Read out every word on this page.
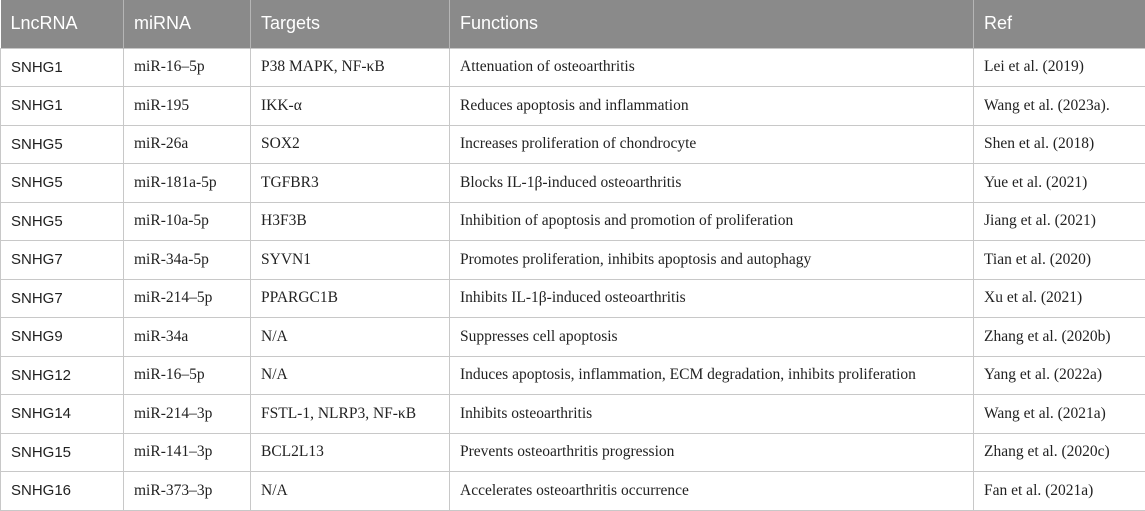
LncRNA	miRNA	Targets	Functions	Ref
SNHG1	miR-16–5p	P38 MAPK, NF-κB	Attenuation of osteoarthritis	Lei et al. (2019)
SNHG1	miR-195	IKK-α	Reduces apoptosis and inflammation	Wang et al. (2023a).
SNHG5	miR-26a	SOX2	Increases proliferation of chondrocyte	Shen et al. (2018)
SNHG5	miR-181a-5p	TGFBR3	Blocks IL-1β-induced osteoarthritis	Yue et al. (2021)
SNHG5	miR-10a-5p	H3F3B	Inhibition of apoptosis and promotion of proliferation	Jiang et al. (2021)
SNHG7	miR-34a-5p	SYVN1	Promotes proliferation, inhibits apoptosis and autophagy	Tian et al. (2020)
SNHG7	miR-214–5p	PPARGC1B	Inhibits IL-1β-induced osteoarthritis	Xu et al. (2021)
SNHG9	miR-34a	N/A	Suppresses cell apoptosis	Zhang et al. (2020b)
SNHG12	miR-16–5p	N/A	Induces apoptosis, inflammation, ECM degradation, inhibits proliferation	Yang et al. (2022a)
SNHG14	miR-214–3p	FSTL-1, NLRP3, NF-κB	Inhibits osteoarthritis	Wang et al. (2021a)
SNHG15	miR-141–3p	BCL2L13	Prevents osteoarthritis progression	Zhang et al. (2020c)
SNHG16	miR-373–3p	N/A	Accelerates osteoarthritis occurrence	Fan et al. (2021a)
